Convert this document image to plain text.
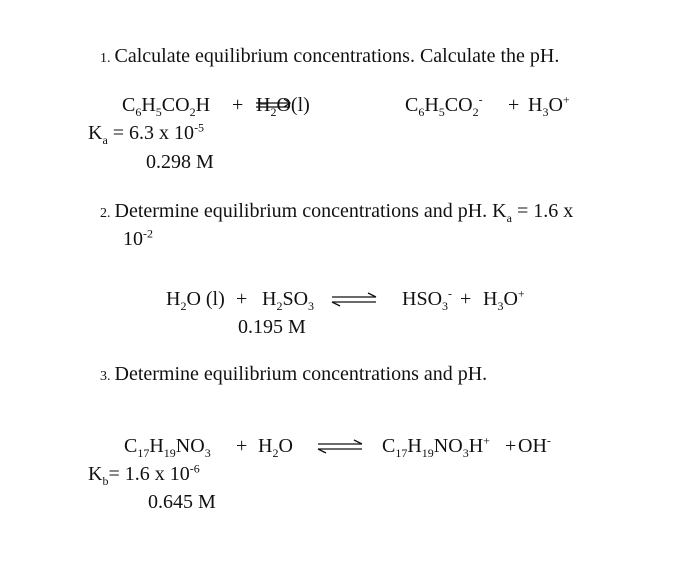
1. Calculate equilibrium concentrations. Calculate the pH.
$C_6H_5CO_2H + H_2O$
(l)	$C_6H_5CO_2^- + H_3O^+$
$K_a = 6.3$ x $10^{-5}$
0.298 M
2. Determine equilibrium concentrations and pH. $K_a = 1.6$ x
$10^{-2}$
$H_2O$ $(l) + H_2SO_3$ ⇌ $HSO_3^- + H_3O^+$
0.195 M
3. Determine equilibrium concentrations and pH.
$C_{17}H_{19}NO_3 + H_2O$ ⇌ $C_{17}H_{19}NO_3H^+ + OH^-$
$K_b= 1.6$ x $10^{-6}$
0.645 M
